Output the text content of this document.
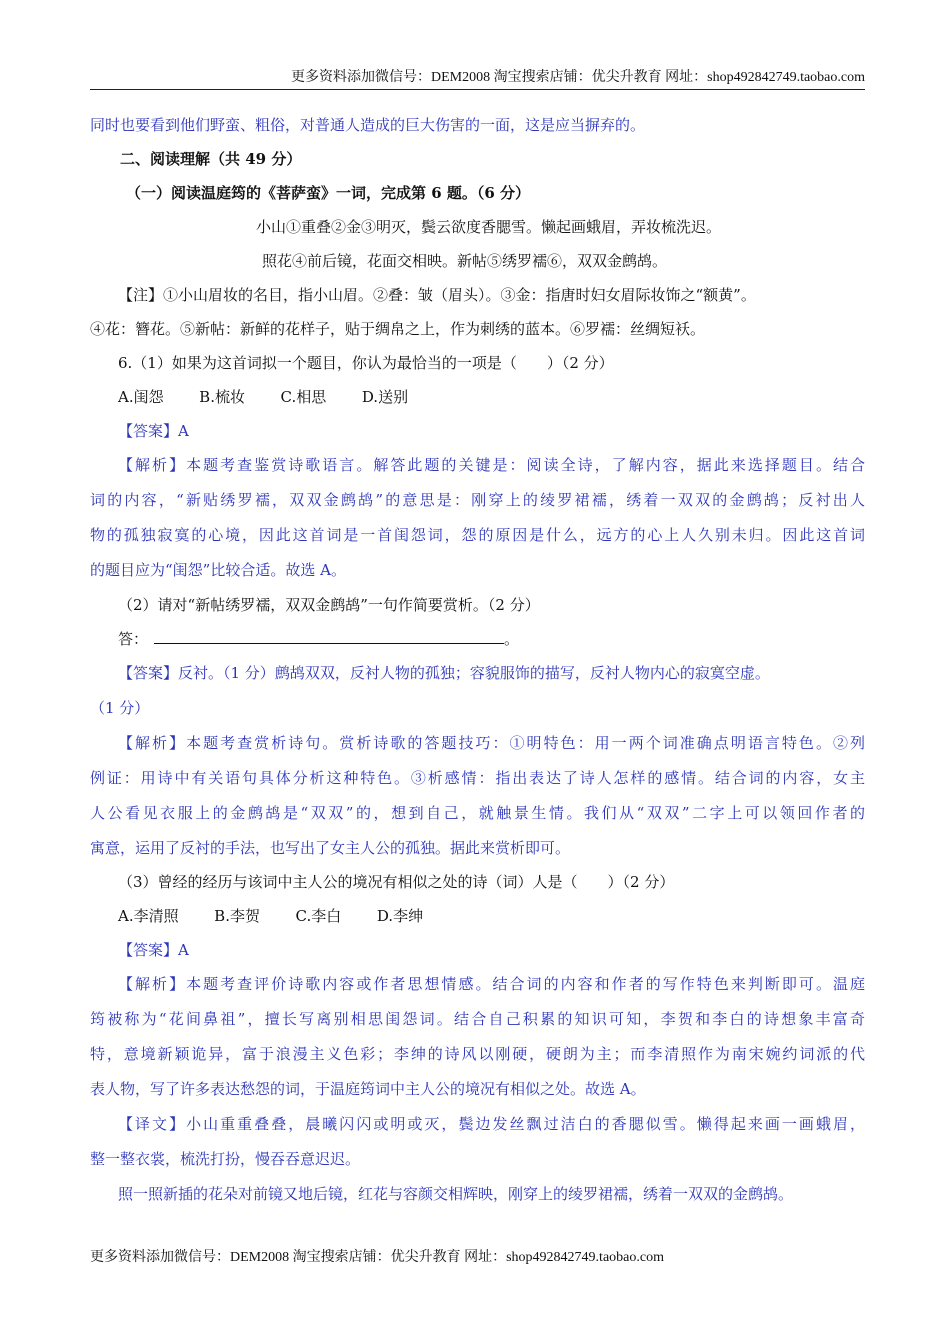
更多资料添加微信号：DEM2008 淘宝搜索店铺：优尖升教育 网址：shop492842749.taobao.com
同时也要看到他们野蛮、粗俗，对普通人造成的巨大伤害的一面，这是应当摒弃的。
二、阅读理解（共 49 分）
（一）阅读温庭筠的《菩萨蛮》一词，完成第 6 题。（6 分）
小山①重叠②金③明灭，鬓云欲度香腮雪。懒起画蛾眉，弄妆梳洗迟。
照花④前后镜，花面交相映。新帖⑤绣罗襦⑥，双双金鹧鸪。
【注】①小山眉妆的名目，指小山眉。②叠：皱（眉头）。③金：指唐时妇女眉际妆饰之“额黄”。
④花：簪花。⑤新帖：新鲜的花样子，贴于绸帛之上，作为刺绣的蓝本。⑥罗襦：丝绸短袄。
6.（1）如果为这首词拟一个题目，你认为最恰当的一项是（　　）（2 分）
A.闺怨 B.梳妆 C.相思 D.送别
【答案】A
【解析】本题考查鉴赏诗歌语言。解答此题的关键是：阅读全诗，了解内容，据此来选择题目。结合
词的内容，“新贴绣罗襦，双双金鹧鸪”的意思是：刚穿上的绫罗裙襦，绣着一双双的金鹧鸪；反衬出人
物的孤独寂寞的心境，因此这首词是一首闺怨词，怨的原因是什么，远方的心上人久别未归。因此这首词
的题目应为“闺怨”比较合适。故选 A。
（2）请对“新帖绣罗襦，双双金鹧鸪”一句作简要赏析。（2 分）
答：	。
【答案】反衬。（1 分）鹧鸪双双，反衬人物的孤独；容貌服饰的描写，反衬人物内心的寂寞空虚。
（1 分）
【解析】本题考查赏析诗句。赏析诗歌的答题技巧：①明特色：用一两个词准确点明语言特色。②列
例证：用诗中有关语句具体分析这种特色。③析感情：指出表达了诗人怎样的感情。结合词的内容，女主
人公看见衣服上的金鹧鸪是“双双”的，想到自己，就触景生情。我们从“双双”二字上可以领回作者的
寓意，运用了反衬的手法，也写出了女主人公的孤独。据此来赏析即可。
（3）曾经的经历与该词中主人公的境况有相似之处的诗（词）人是（　　）（2 分）
A.李清照 B.李贺 C.李白 D.李绅
【答案】A
【解析】本题考查评价诗歌内容或作者思想情感。结合词的内容和作者的写作特色来判断即可。温庭
筠被称为“花间鼻祖”，擅长写离别相思闺怨词。结合自己积累的知识可知，李贺和李白的诗想象丰富奇
特，意境新颖诡异，富于浪漫主义色彩；李绅的诗风以刚硬，硬朗为主；而李清照作为南宋婉约词派的代
表人物，写了许多表达愁怨的词，于温庭筠词中主人公的境况有相似之处。故选 A。
【译文】小山重重叠叠，晨曦闪闪或明或灭，鬓边发丝飘过洁白的香腮似雪。懒得起来画一画蛾眉，
整一整衣裳，梳洗打扮，慢吞吞意迟迟。
照一照新插的花朵对前镜又地后镜，红花与容颜交相辉映，刚穿上的绫罗裙襦，绣着一双双的金鹧鸪。
更多资料添加微信号：DEM2008 淘宝搜索店铺：优尖升教育 网址：shop492842749.taobao.com
